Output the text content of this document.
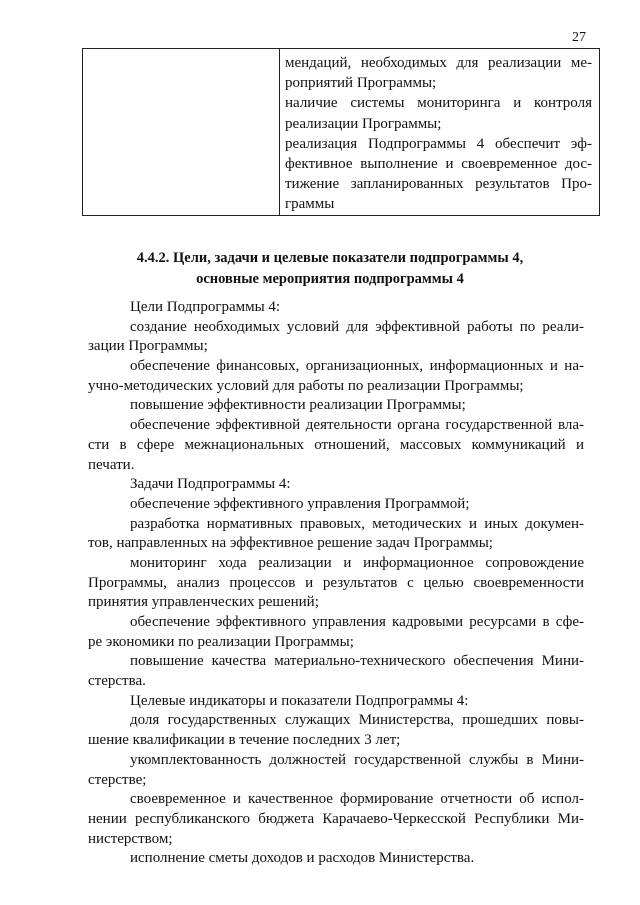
27

мендаций, необходимых для реализации ме-
роприятий Программы;
наличие системы мониторинга и контроля
реализации Программы;
реализация Подпрограммы 4 обеспечит эф-
фективное выполнение и своевременное дос-
тижение запланированных результатов Про-
граммы
4.4.2. Цели, задачи и целевые показатели подпрограммы 4,
основные мероприятия подпрограммы 4
Цели Подпрограммы 4:
создание необходимых условий для эффективной работы по реали-
зации Программы;
обеспечение финансовых, организационных, информационных и на-
учно-методических условий для работы по реализации Программы;
повышение эффективности реализации Программы;
обеспечение эффективной деятельности органа государственной вла-
сти в сфере межнациональных отношений, массовых коммуникаций и
печати.
Задачи Подпрограммы 4:
обеспечение эффективного управления Программой;
разработка нормативных правовых, методических и иных докумен-
тов, направленных на эффективное решение задач Программы;
мониторинг хода реализации и информационное сопровождение
Программы, анализ процессов и результатов с целью своевременности
принятия управленческих решений;
обеспечение эффективного управления кадровыми ресурсами в сфе-
ре экономики по реализации Программы;
повышение качества материально-технического обеспечения Мини-
стерства.
Целевые индикаторы и показатели Подпрограммы 4:
доля государственных служащих Министерства, прошедших повы-
шение квалификации в течение последних 3 лет;
укомплектованность должностей государственной службы в Мини-
стерстве;
своевременное и качественное формирование отчетности об испол-
нении республиканского бюджета Карачаево-Черкесской Республики Ми-
нистерством;
исполнение сметы доходов и расходов Министерства.
